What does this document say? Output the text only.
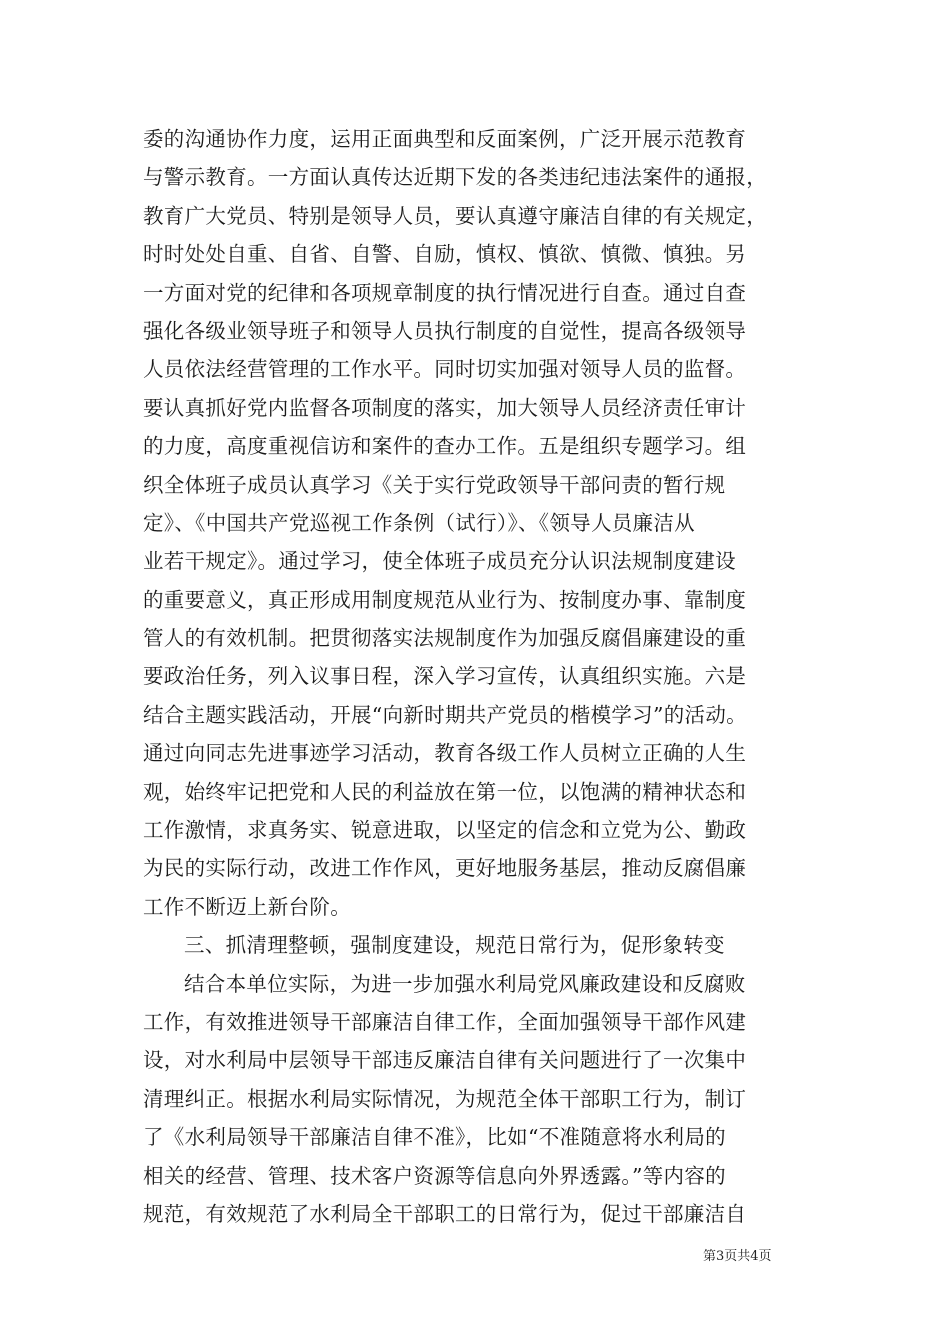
委的沟通协作力度，运用正面典型和反面案例，广泛开展示范教育
与警示教育。一方面认真传达近期下发的各类违纪违法案件的通报，
教育广大党员、特别是领导人员，要认真遵守廉洁自律的有关规定，
时时处处自重、自省、自警、自励，慎权、慎欲、慎微、慎独。另
一方面对党的纪律和各项规章制度的执行情况进行自查。通过自查
强化各级业领导班子和领导人员执行制度的自觉性，提高各级领导
人员依法经营管理的工作水平。同时切实加强对领导人员的监督。
要认真抓好党内监督各项制度的落实，加大领导人员经济责任审计
的力度，高度重视信访和案件的查办工作。五是组织专题学习。组
织全体班子成员认真学习《关于实行党政领导干部问责的暂行规
定》、《中国共产党巡视工作条例（试行）》、《领导人员廉洁从
业若干规定》。通过学习，使全体班子成员充分认识法规制度建设
的重要意义，真正形成用制度规范从业行为、按制度办事、靠制度
管人的有效机制。把贯彻落实法规制度作为加强反腐倡廉建设的重
要政治任务，列入议事日程，深入学习宣传，认真组织实施。六是
结合主题实践活动，开展“向新时期共产党员的楷模学习”的活动。
通过向同志先进事迹学习活动，教育各级工作人员树立正确的人生
观，始终牢记把党和人民的利益放在第一位，以饱满的精神状态和
工作激情，求真务实、锐意进取，以坚定的信念和立党为公、勤政
为民的实际行动，改进工作作风，更好地服务基层，推动反腐倡廉
工作不断迈上新台阶。
三、抓清理整顿，强制度建设，规范日常行为，促形象转变
结合本单位实际，为进一步加强水利局党风廉政建设和反腐败
工作，有效推进领导干部廉洁自律工作，全面加强领导干部作风建
设，对水利局中层领导干部违反廉洁自律有关问题进行了一次集中
清理纠正。根据水利局实际情况，为规范全体干部职工行为，制订
了《水利局领导干部廉洁自律不准》，比如“不准随意将水利局的
相关的经营、管理、技术客户资源等信息向外界透露。”等内容的
规范，有效规范了水利局全干部职工的日常行为，促过干部廉洁自
第3页共4页
